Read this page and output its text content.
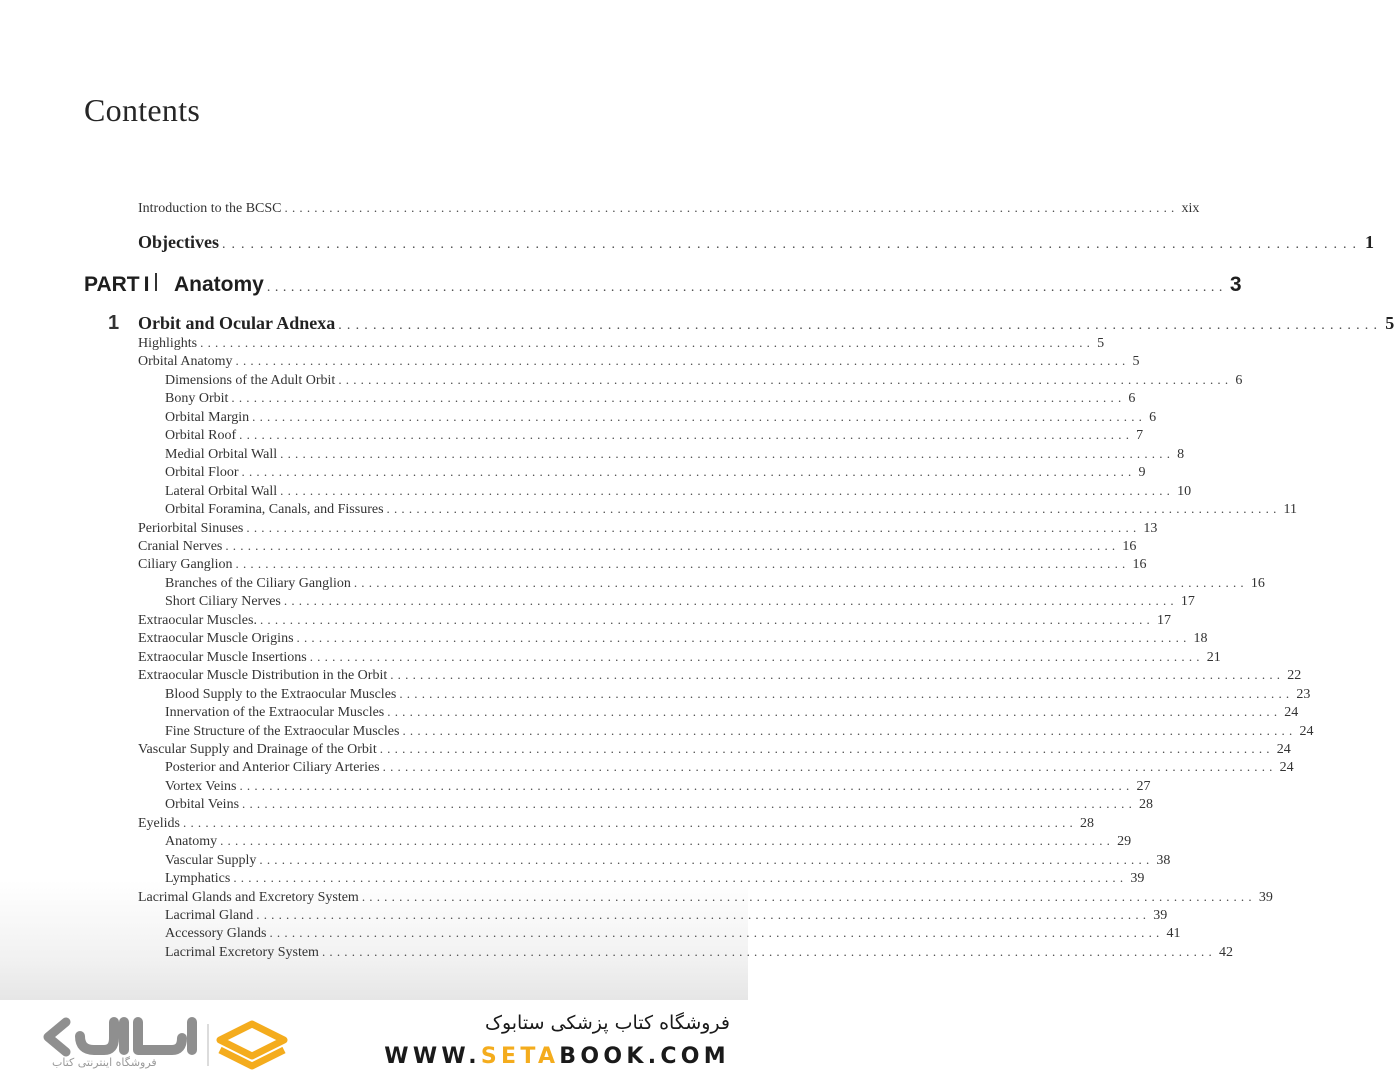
Contents
Introduction to the BCSC ........................................................................................................................ xix
Objectives ........................................................................................................................ 1
PART I Anatomy ........................................................................................................................ 3
1 Orbit and Ocular Adnexa ........................................................................................................................ 5
Highlights ........................................................................................................................ 5
Orbital Anatomy ........................................................................................................................ 5
Dimensions of the Adult Orbit ........................................................................................................................ 6
Bony Orbit ........................................................................................................................ 6
Orbital Margin ........................................................................................................................ 6
Orbital Roof ........................................................................................................................ 7
Medial Orbital Wall ........................................................................................................................ 8
Orbital Floor ........................................................................................................................ 9
Lateral Orbital Wall ........................................................................................................................ 10
Orbital Foramina, Canals, and Fissures ........................................................................................................................ 11
Periorbital Sinuses ........................................................................................................................ 13
Cranial Nerves ........................................................................................................................ 16
Ciliary Ganglion ........................................................................................................................ 16
Branches of the Ciliary Ganglion ........................................................................................................................ 16
Short Ciliary Nerves ........................................................................................................................ 17
Extraocular Muscles. ........................................................................................................................ 17
Extraocular Muscle Origins ........................................................................................................................ 18
Extraocular Muscle Insertions ........................................................................................................................ 21
Extraocular Muscle Distribution in the Orbit ........................................................................................................................ 22
Blood Supply to the Extraocular Muscles ........................................................................................................................ 23
Innervation of the Extraocular Muscles ........................................................................................................................ 24
Fine Structure of the Extraocular Muscles ........................................................................................................................ 24
Vascular Supply and Drainage of the Orbit ........................................................................................................................ 24
Posterior and Anterior Ciliary Arteries ........................................................................................................................ 24
Vortex Veins ........................................................................................................................ 27
Orbital Veins ........................................................................................................................ 28
Eyelids ........................................................................................................................ 28
Anatomy ........................................................................................................................ 29
Vascular Supply ........................................................................................................................ 38
Lymphatics ........................................................................................................................ 39
Lacrimal Glands and Excretory System ........................................................................................................................ 39
Lacrimal Gland ........................................................................................................................ 39
Accessory Glands ........................................................................................................................ 41
Lacrimal Excretory System ........................................................................................................................ 42
فروشگاه اینترنتی کتاب
فروشگاه کتاب پزشکی ستابوک
WWW.SETABOOK.COM
